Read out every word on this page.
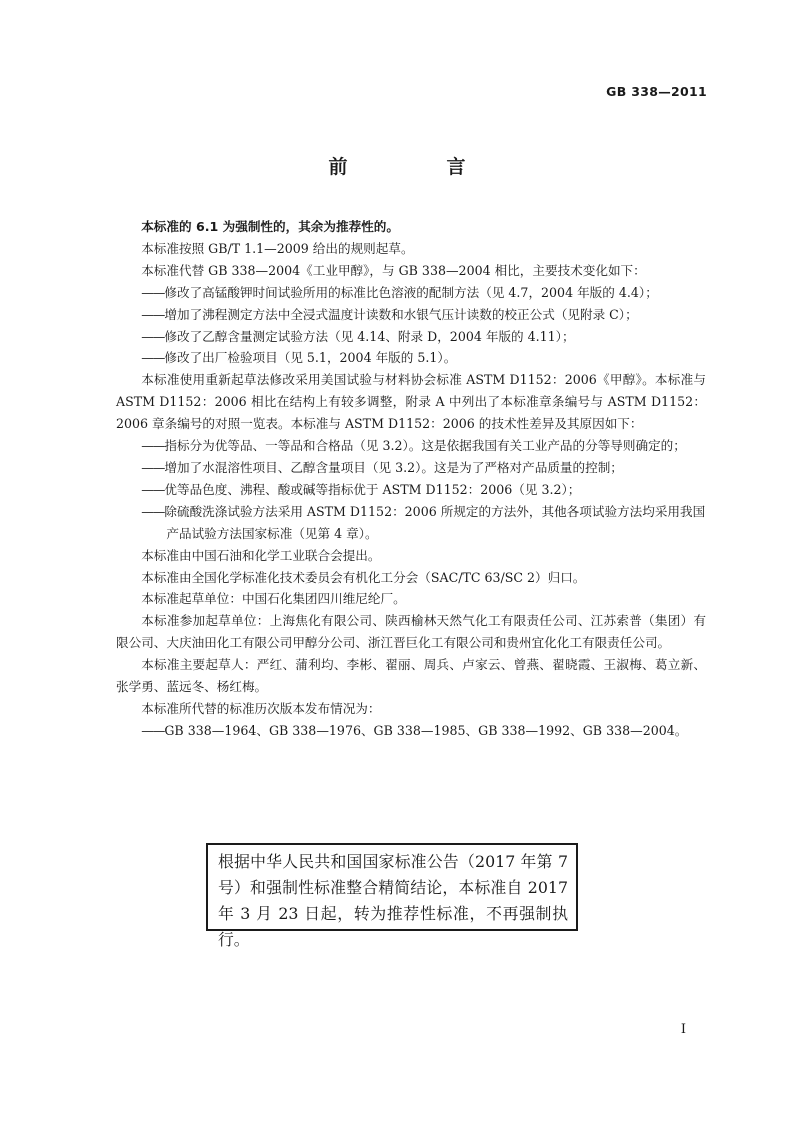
GB 338—2011
前　言

本标准的 6.1 为强制性的，其余为推荐性的。

本标准按照 GB/T 1.1—2009 给出的规则起草。

本标准代替 GB 338—2004《工业甲醇》，与 GB 338—2004 相比，主要技术变化如下：

——修改了高锰酸钾时间试验所用的标准比色溶液的配制方法（见 4.7，2004 年版的 4.4）；

——增加了沸程测定方法中全浸式温度计读数和水银气压计读数的校正公式（见附录 C）；

——修改了乙醇含量测定试验方法（见 4.14、附录 D，2004 年版的 4.11）；

——修改了出厂检验项目（见 5.1，2004 年版的 5.1）。

本标准使用重新起草法修改采用美国试验与材料协会标准 ASTM D1152：2006《甲醇》。本标准与 ASTM D1152：2006 相比在结构上有较多调整，附录 A 中列出了本标准章条编号与 ASTM D1152：2006 章条编号的对照一览表。本标准与 ASTM D1152：2006 的技术性差异及其原因如下：

——指标分为优等品、一等品和合格品（见 3.2）。这是依据我国有关工业产品的分等导则确定的；

——增加了水混溶性项目、乙醇含量项目（见 3.2）。这是为了严格对产品质量的控制；

——优等品色度、沸程、酸或碱等指标优于 ASTM D1152：2006（见 3.2）；

——除硫酸洗涤试验方法采用 ASTM D1152：2006 所规定的方法外，其他各项试验方法均采用我国产品试验方法国家标准（见第 4 章）。

本标准由中国石油和化学工业联合会提出。

本标准由全国化学标准化技术委员会有机化工分会（SAC/TC 63/SC 2）归口。

本标准起草单位：中国石化集团四川维尼纶厂。

本标准参加起草单位：上海焦化有限公司、陕西榆林天然气化工有限责任公司、江苏索普（集团）有限公司、大庆油田化工有限公司甲醇分公司、浙江晋巨化工有限公司和贵州宜化化工有限责任公司。

本标准主要起草人：严红、蒲利均、李彬、翟丽、周兵、卢家云、曾燕、翟晓霞、王淑梅、葛立新、张学勇、蓝远冬、杨红梅。

本标准所代替的标准历次版本发布情况为：

——GB 338—1964、GB 338—1976、GB 338—1985、GB 338—1992、GB 338—2004。

根据中华人民共和国国家标准公告（2017 年第 7 号）和强制性标准整合精简结论，本标准自 2017 年 3 月 23 日起，转为推荐性标准，不再强制执行。
I
